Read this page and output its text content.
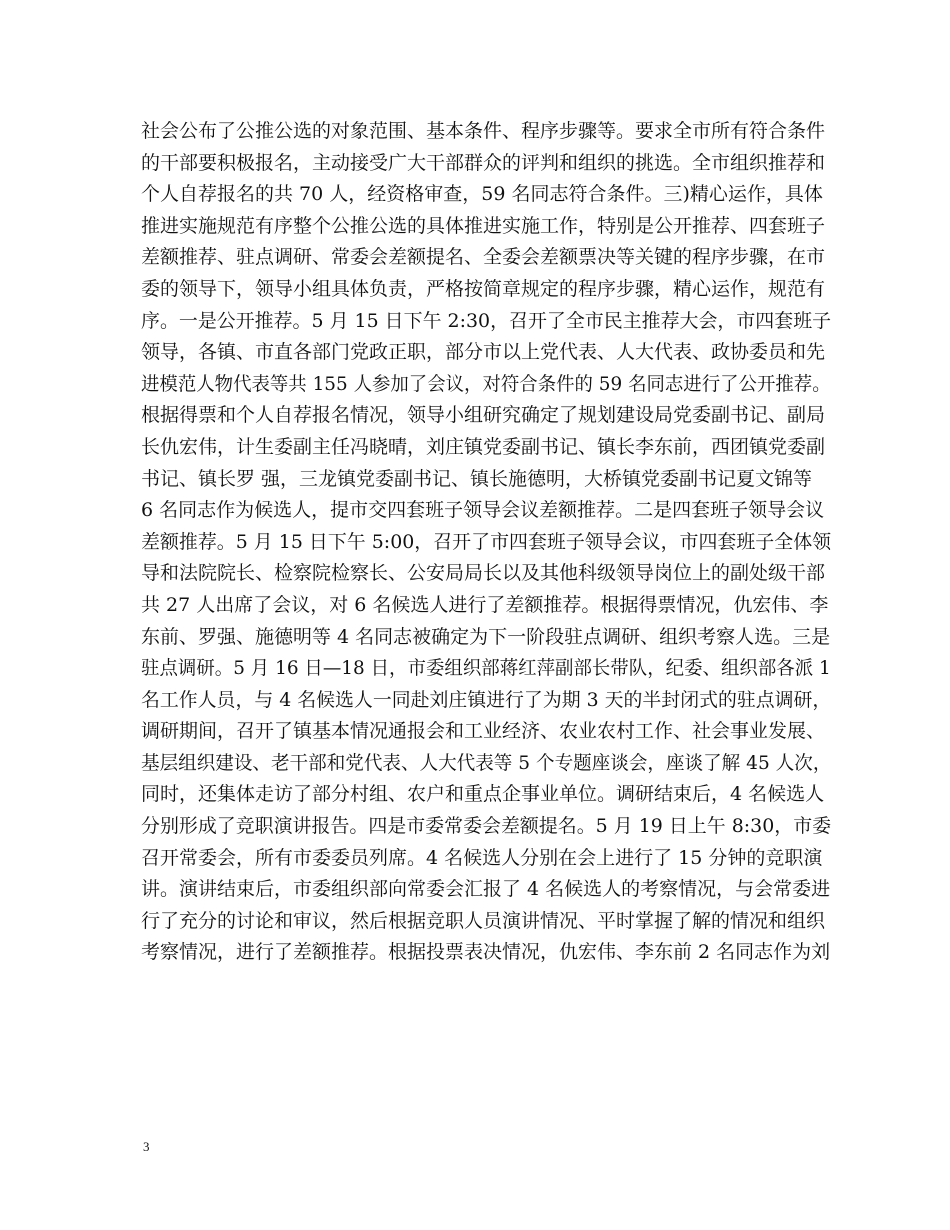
社会公布了公推公选的对象范围、基本条件、程序步骤等。要求全市所有符合条件
的干部要积极报名，主动接受广大干部群众的评判和组织的挑选。全市组织推荐和
个人自荐报名的共 70 人，经资格审查，59 名同志符合条件。三)精心运作，具体
推进实施规范有序整个公推公选的具体推进实施工作，特别是公开推荐、四套班子
差额推荐、驻点调研、常委会差额提名、全委会差额票决等关键的程序步骤，在市
委的领导下，领导小组具体负责，严格按简章规定的程序步骤，精心运作，规范有
序。一是公开推荐。5 月 15 日下午 2:30，召开了全市民主推荐大会，市四套班子
领导，各镇、市直各部门党政正职，部分市以上党代表、人大代表、政协委员和先
进模范人物代表等共 155 人参加了会议，对符合条件的 59 名同志进行了公开推荐。
根据得票和个人自荐报名情况，领导小组研究确定了规划建设局党委副书记、副局
长仇宏伟，计生委副主任冯晓晴，刘庄镇党委副书记、镇长李东前，西团镇党委副
书记、镇长罗 强，三龙镇党委副书记、镇长施德明，大桥镇党委副书记夏文锦等
6 名同志作为候选人，提市交四套班子领导会议差额推荐。二是四套班子领导会议
差额推荐。5 月 15 日下午 5:00，召开了市四套班子领导会议，市四套班子全体领
导和法院院长、检察院检察长、公安局局长以及其他科级领导岗位上的副处级干部
共 27 人出席了会议，对 6 名候选人进行了差额推荐。根据得票情况，仇宏伟、李
东前、罗强、施德明等 4 名同志被确定为下一阶段驻点调研、组织考察人选。三是
驻点调研。5 月 16 日—18 日，市委组织部蒋红萍副部长带队，纪委、组织部各派 1
名工作人员，与 4 名候选人一同赴刘庄镇进行了为期 3 天的半封闭式的驻点调研，
调研期间，召开了镇基本情况通报会和工业经济、农业农村工作、社会事业发展、
基层组织建设、老干部和党代表、人大代表等 5 个专题座谈会，座谈了解 45 人次，
同时，还集体走访了部分村组、农户和重点企事业单位。调研结束后，4 名候选人
分别形成了竞职演讲报告。四是市委常委会差额提名。5 月 19 日上午 8:30，市委
召开常委会，所有市委委员列席。4 名候选人分别在会上进行了 15 分钟的竞职演
讲。演讲结束后，市委组织部向常委会汇报了 4 名候选人的考察情况，与会常委进
行了充分的讨论和审议，然后根据竞职人员演讲情况、平时掌握了解的情况和组织
考察情况，进行了差额推荐。根据投票表决情况，仇宏伟、李东前 2 名同志作为刘
3
